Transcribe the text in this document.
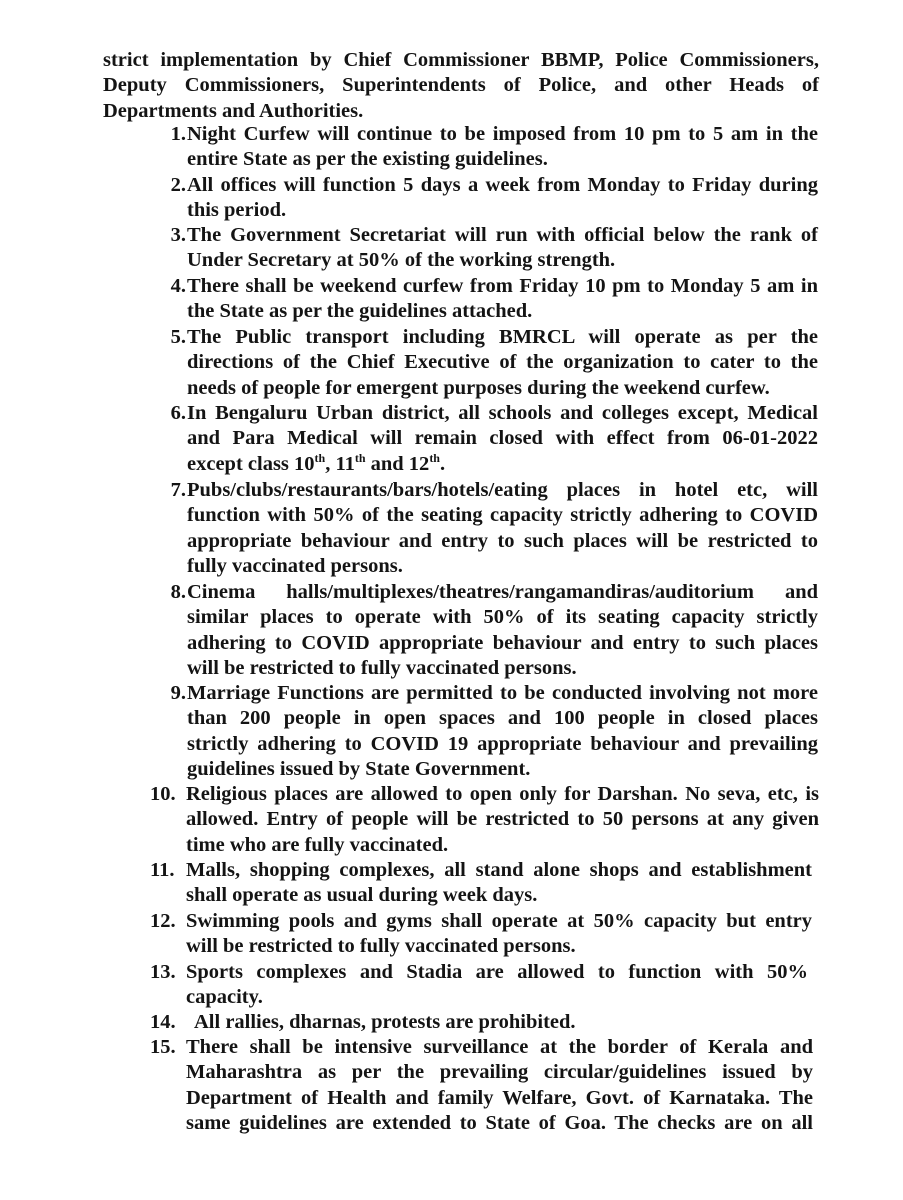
strict implementation by Chief Commissioner BBMP, Police Commissioners,
Deputy Commissioners, Superintendents of Police, and other Heads of
Departments and Authorities.
1. Night Curfew will continue to be imposed from 10 pm to 5 am in the
entire State as per the existing guidelines.
2. All offices will function 5 days a week from Monday to Friday during
this period.
3. The Government Secretariat will run with official below the rank of
Under Secretary at 50% of the working strength.
4. There shall be weekend curfew from Friday 10 pm to Monday 5 am in
the State as per the guidelines attached.
5. The Public transport including BMRCL will operate as per the
directions of the Chief Executive of the organization to cater to the
needs of people for emergent purposes during the weekend curfew.
6. In Bengaluru Urban district, all schools and colleges except, Medical
and Para Medical will remain closed with effect from 06-01-2022
except class 10th, 11th and 12th.
7. Pubs/clubs/restaurants/bars/hotels/eating places in hotel etc, will
function with 50% of the seating capacity strictly adhering to COVID
appropriate behaviour and entry to such places will be restricted to
fully vaccinated persons.
8. Cinema halls/multiplexes/theatres/rangamandiras/auditorium and
similar places to operate with 50% of its seating capacity strictly
adhering to COVID appropriate behaviour and entry to such places
will be restricted to fully vaccinated persons.
9. Marriage Functions are permitted to be conducted involving not more
than 200 people in open spaces and 100 people in closed places
strictly adhering to COVID 19 appropriate behaviour and prevailing
guidelines issued by State Government.
10. Religious places are allowed to open only for Darshan. No seva, etc, is
allowed. Entry of people will be restricted to 50 persons at any given
time who are fully vaccinated.
11. Malls, shopping complexes, all stand alone shops and establishment
shall operate as usual during week days.
12. Swimming pools and gyms shall operate at 50% capacity but entry
will be restricted to fully vaccinated persons.
13. Sports complexes and Stadia are allowed to function with 50%
capacity.
14. All rallies, dharnas, protests are prohibited.
15. There shall be intensive surveillance at the border of Kerala and
Maharashtra as per the prevailing circular/guidelines issued by
Department of Health and family Welfare, Govt. of Karnataka. The
same guidelines are extended to State of Goa. The checks are on all
